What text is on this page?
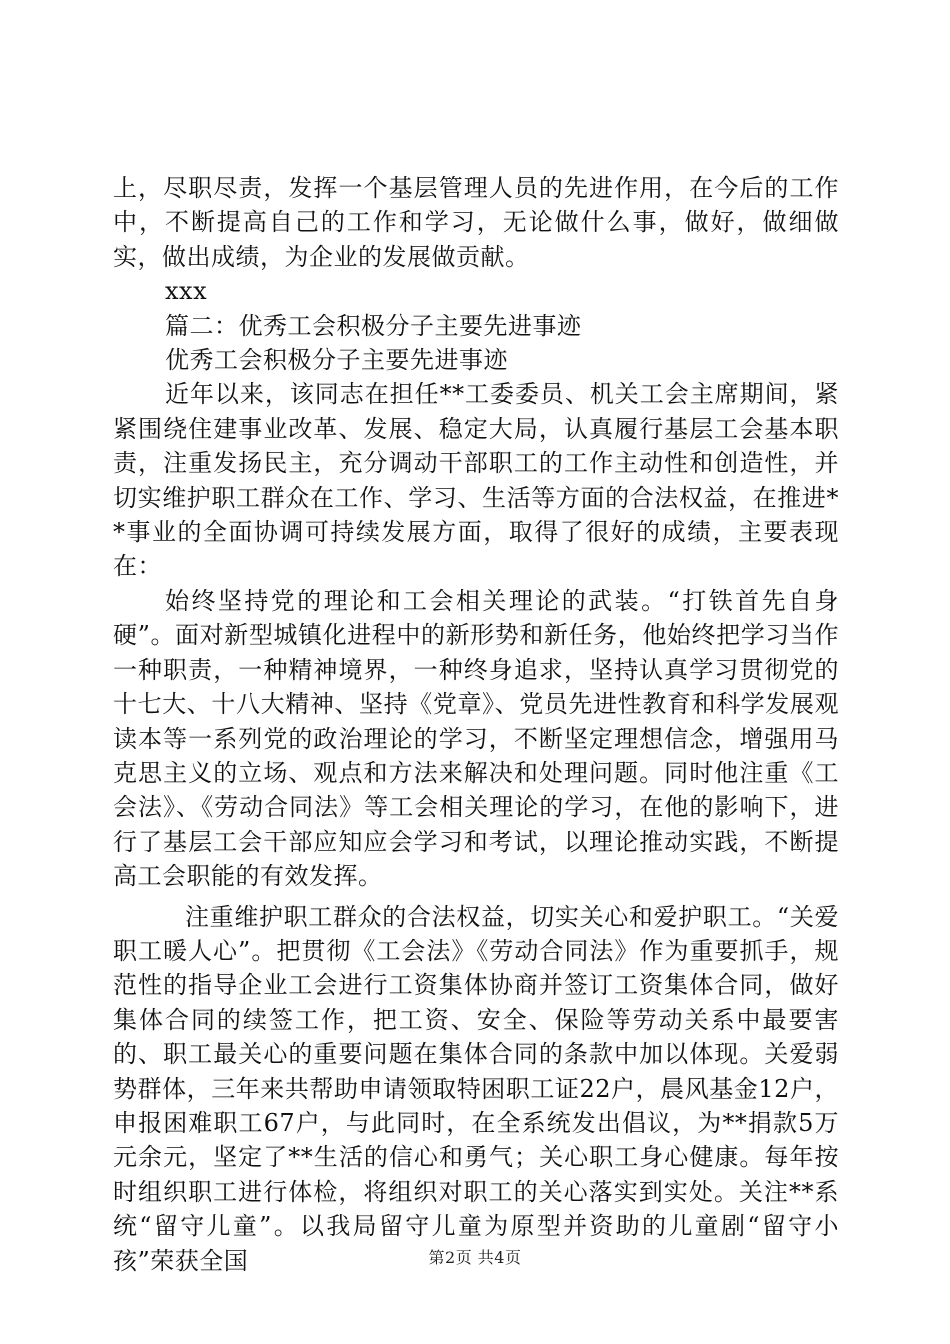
上，尽职尽责，发挥一个基层管理人员的先进作用，在今后的工作中，不断提高自己的工作和学习，无论做什么事，做好，做细做实，做出成绩，为企业的发展做贡献。

xxx

篇二：优秀工会积极分子主要先进事迹

优秀工会积极分子主要先进事迹

近年以来，该同志在担任**工委委员、机关工会主席期间，紧紧围绕住建事业改革、发展、稳定大局，认真履行基层工会基本职责，注重发扬民主，充分调动干部职工的工作主动性和创造性，并切实维护职工群众在工作、学习、生活等方面的合法权益，在推进**事业的全面协调可持续发展方面，取得了很好的成绩，主要表现在：

始终坚持党的理论和工会相关理论的武装。“打铁首先自身硬”。面对新型城镇化进程中的新形势和新任务，他始终把学习当作一种职责，一种精神境界，一种终身追求，坚持认真学习贯彻党的十七大、十八大精神、坚持《党章》、党员先进性教育和科学发展观读本等一系列党的政治理论的学习，不断坚定理想信念，增强用马克思主义的立场、观点和方法来解决和处理问题。同时他注重《工会法》、《劳动合同法》等工会相关理论的学习，在他的影响下，进行了基层工会干部应知应会学习和考试，以理论推动实践，不断提高工会职能的有效发挥。

注重维护职工群众的合法权益，切实关心和爱护职工。“关爱职工暖人心”。把贯彻《工会法》《劳动合同法》作为重要抓手，规范性的指导企业工会进行工资集体协商并签订工资集体合同，做好集体合同的续签工作，把工资、安全、保险等劳动关系中最要害的、职工最关心的重要问题在集体合同的条款中加以体现。关爱弱势群体，三年来共帮助申请领取特困职工证22户，晨风基金12户，申报困难职工67户，与此同时，在全系统发出倡议，为**捐款5万元余元，坚定了**生活的信心和勇气；关心职工身心健康。每年按时组织职工进行体检，将组织对职工的关心落实到实处。关注**系统“留守儿童”。以我局留守儿童为原型并资助的儿童剧“留守小孩”荣获全国	第2页 共4页
